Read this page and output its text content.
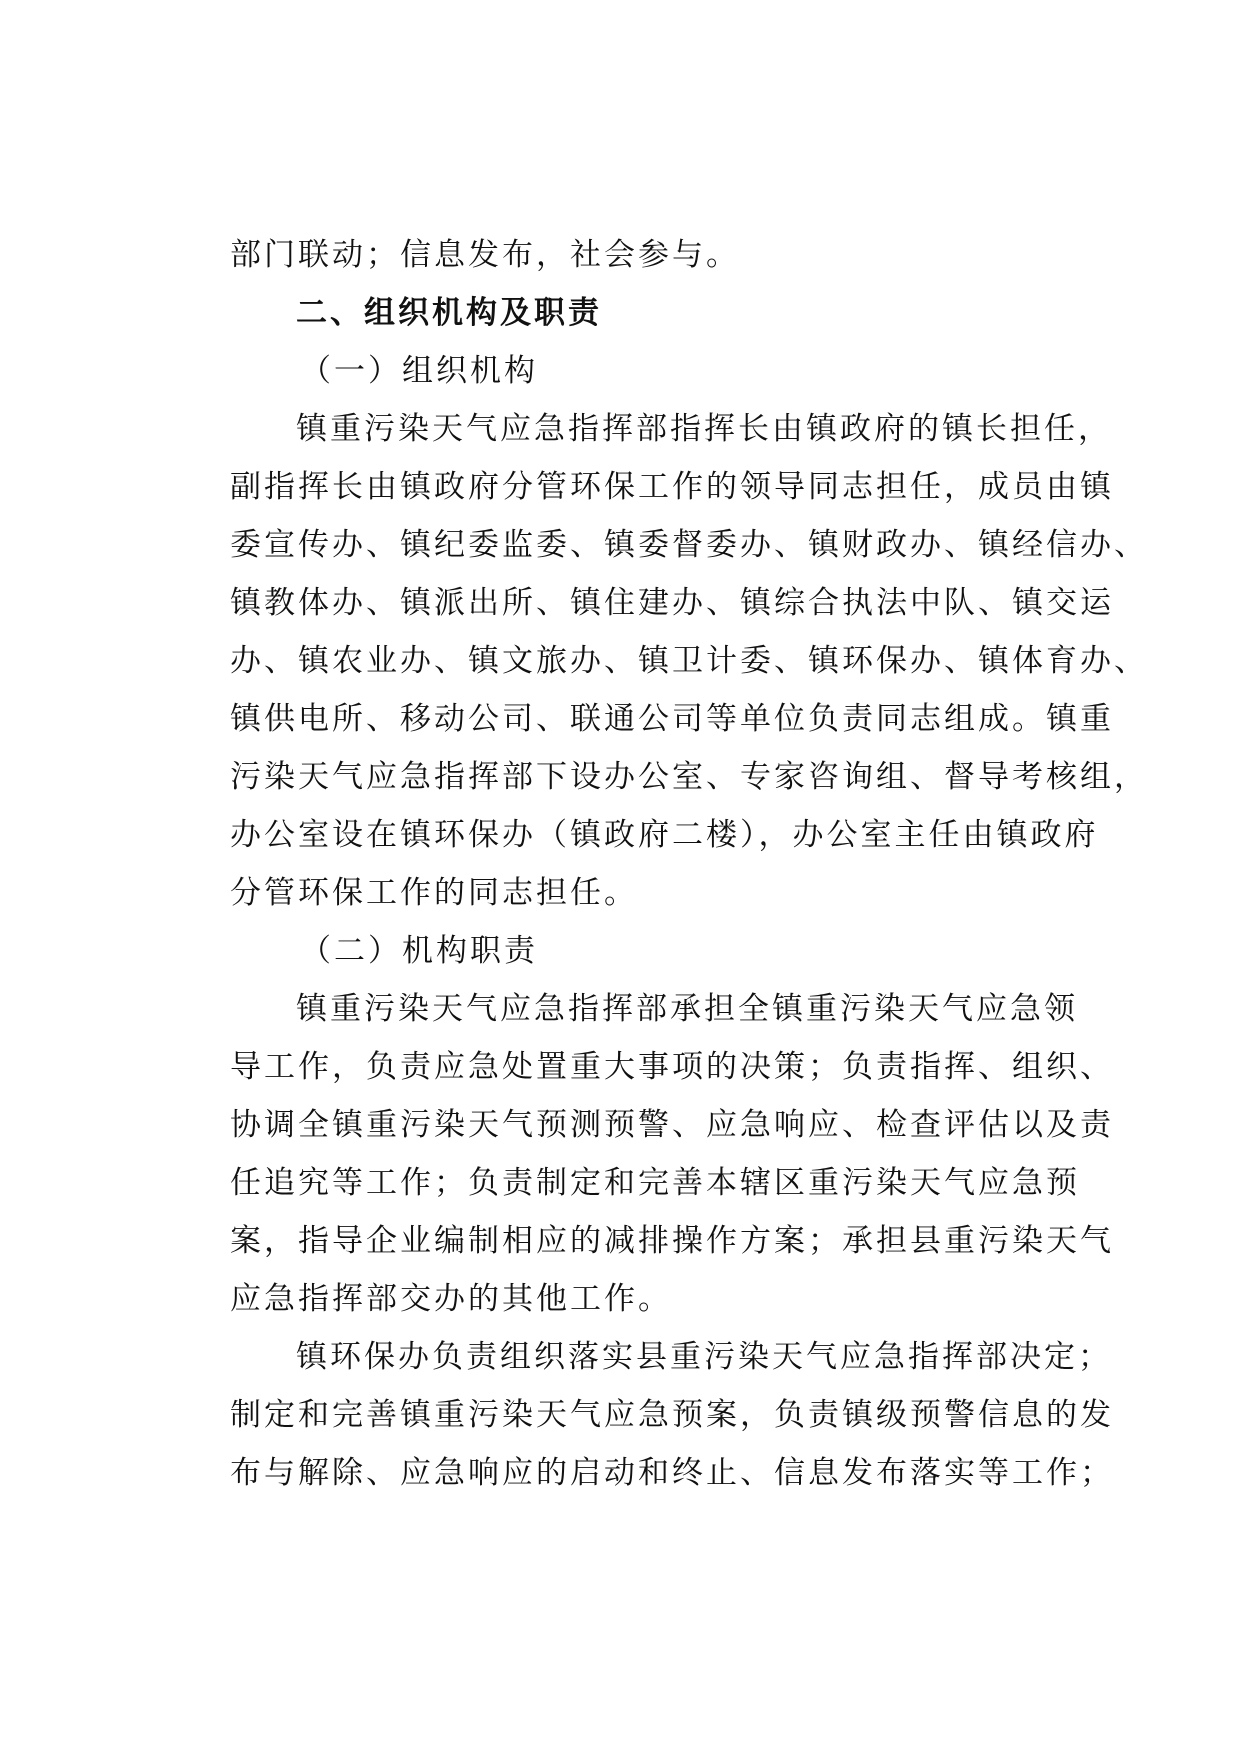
部门联动；信息发布，社会参与。
二、组织机构及职责
（一）组织机构
镇重污染天气应急指挥部指挥长由镇政府的镇长担任，
副指挥长由镇政府分管环保工作的领导同志担任，成员由镇
委宣传办、镇纪委监委、镇委督委办、镇财政办、镇经信办、
镇教体办、镇派出所、镇住建办、镇综合执法中队、镇交运
办、镇农业办、镇文旅办、镇卫计委、镇环保办、镇体育办、
镇供电所、移动公司、联通公司等单位负责同志组成。镇重
污染天气应急指挥部下设办公室、专家咨询组、督导考核组，
办公室设在镇环保办（镇政府二楼），办公室主任由镇政府
分管环保工作的同志担任。
（二）机构职责
镇重污染天气应急指挥部承担全镇重污染天气应急领
导工作，负责应急处置重大事项的决策；负责指挥、组织、
协调全镇重污染天气预测预警、应急响应、检查评估以及责
任追究等工作；负责制定和完善本辖区重污染天气应急预
案，指导企业编制相应的减排操作方案；承担县重污染天气
应急指挥部交办的其他工作。
镇环保办负责组织落实县重污染天气应急指挥部决定；
制定和完善镇重污染天气应急预案，负责镇级预警信息的发
布与解除、应急响应的启动和终止、信息发布落实等工作；
